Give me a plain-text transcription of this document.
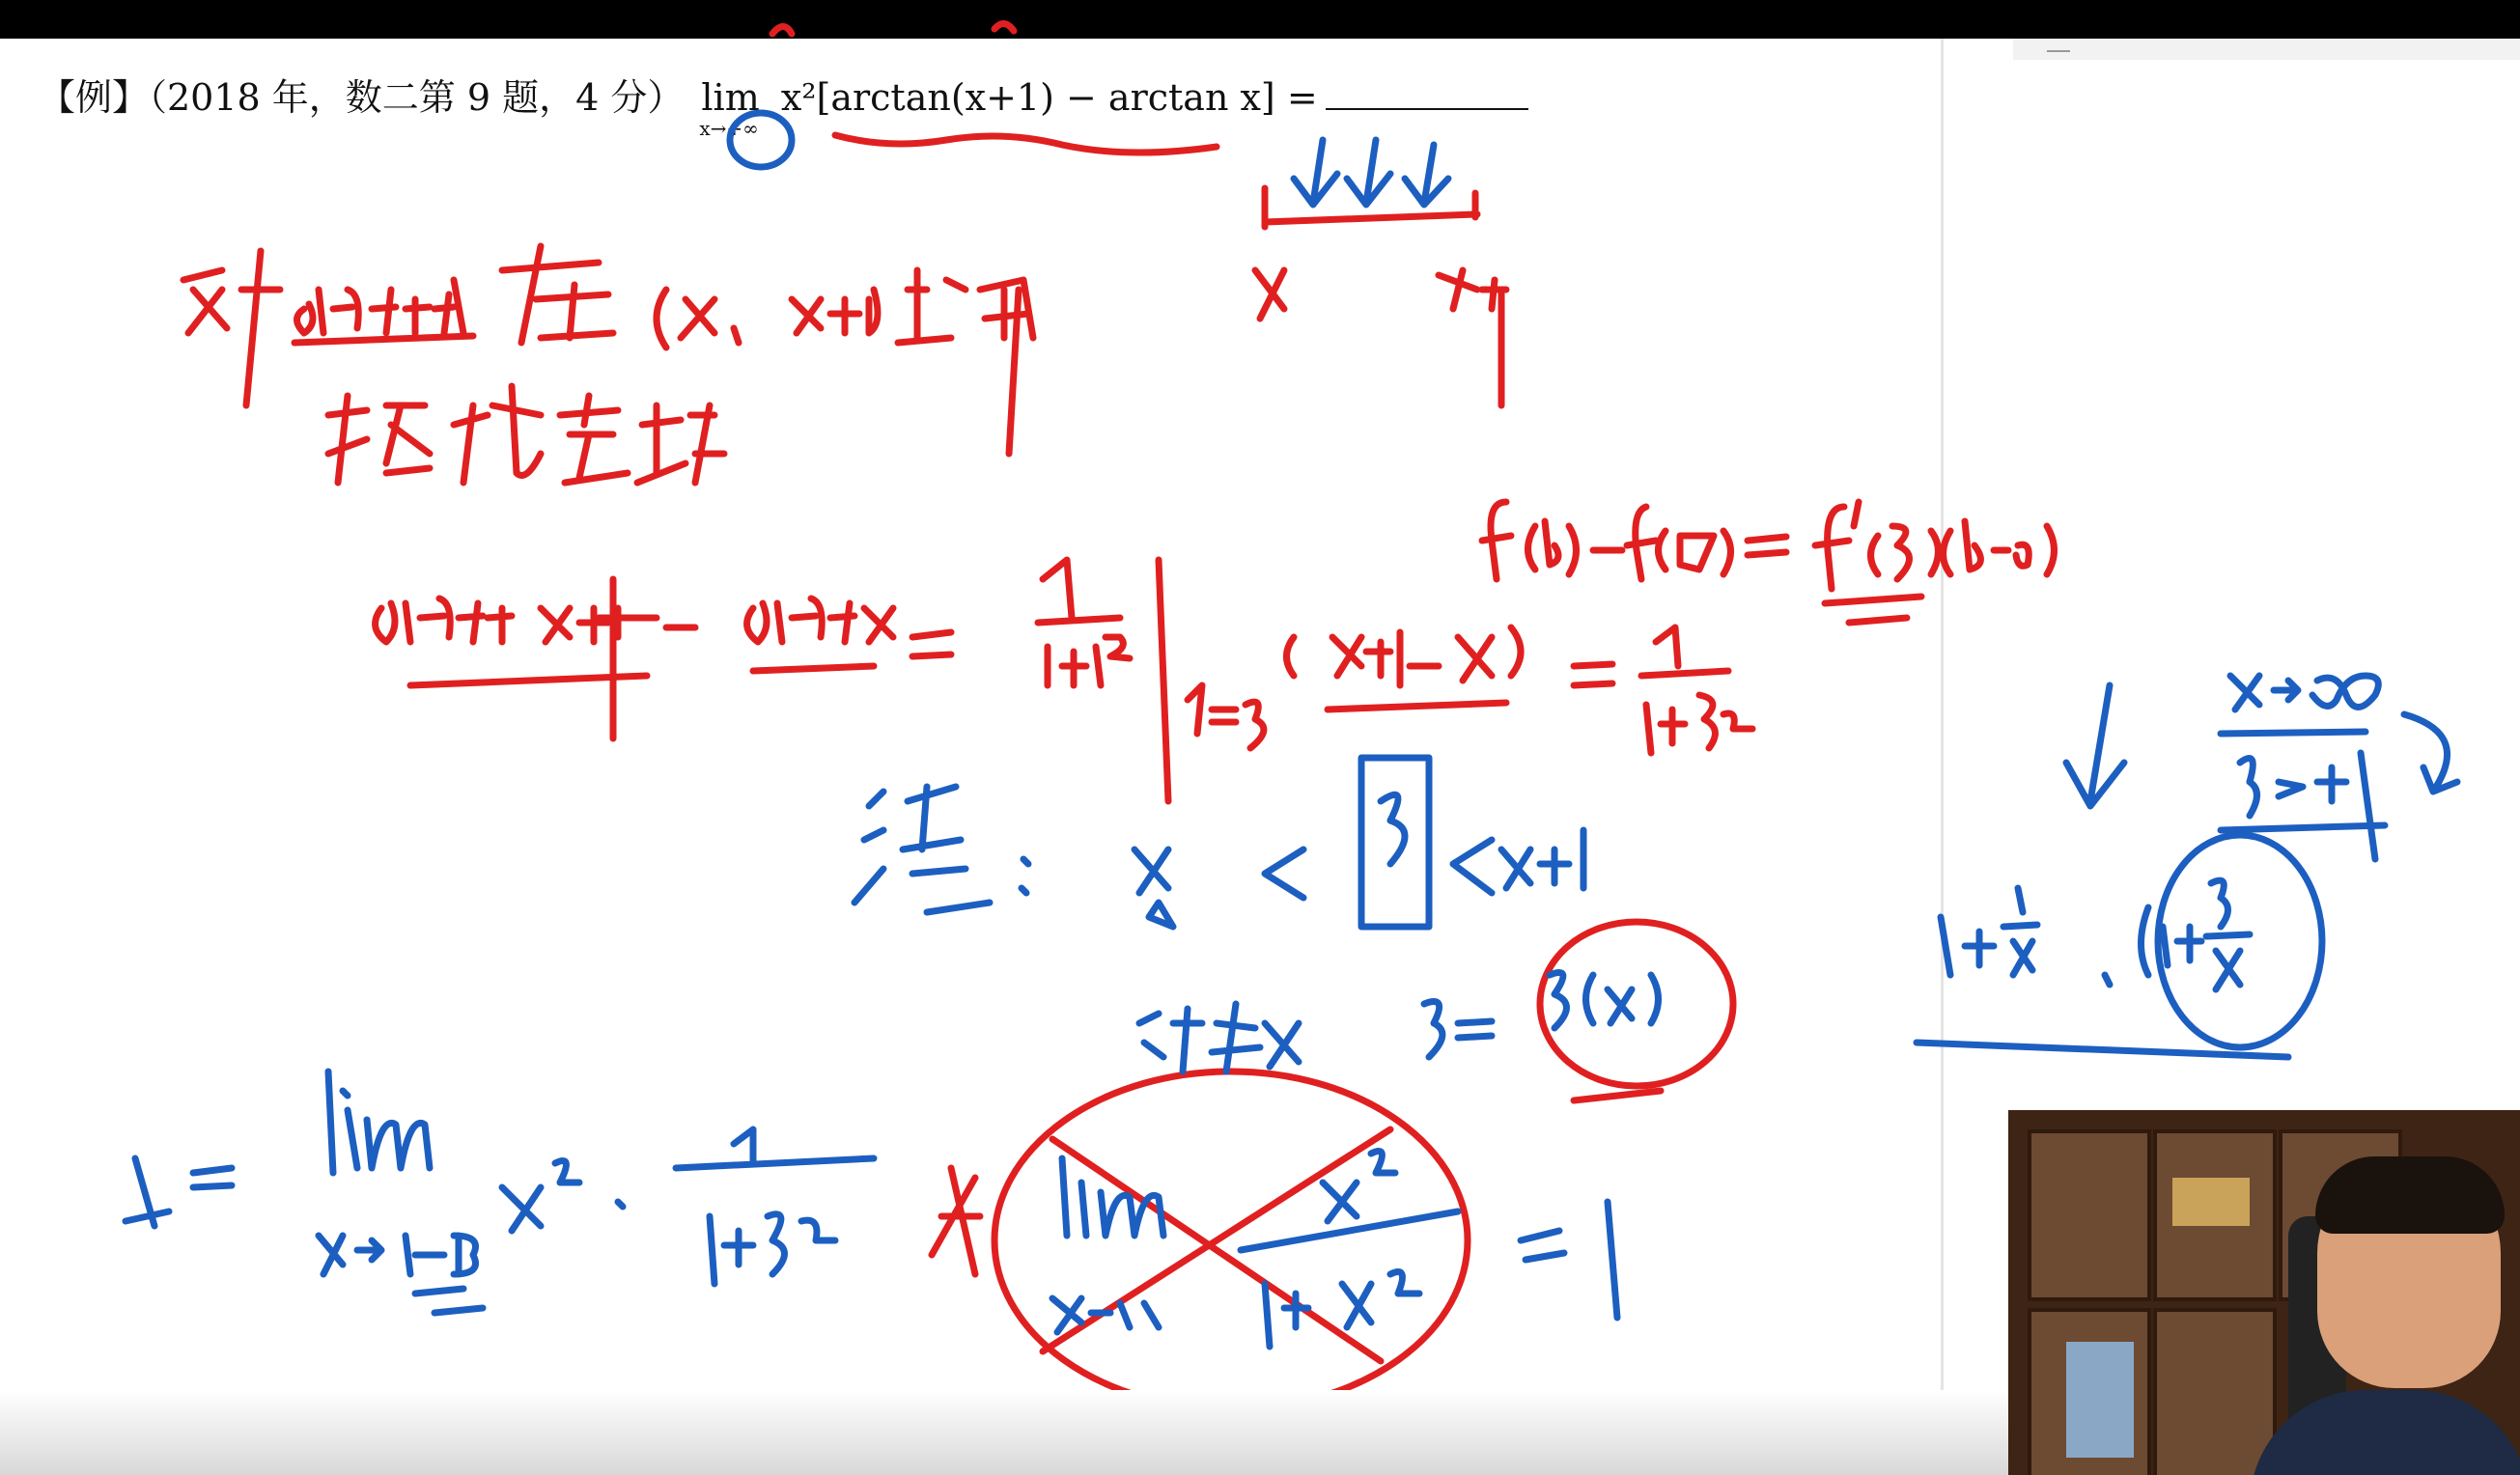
【例】（2018 年，数二第 9 题，4 分） lim
x→+∞
x²[arctan(x+1) − arctan x] =
